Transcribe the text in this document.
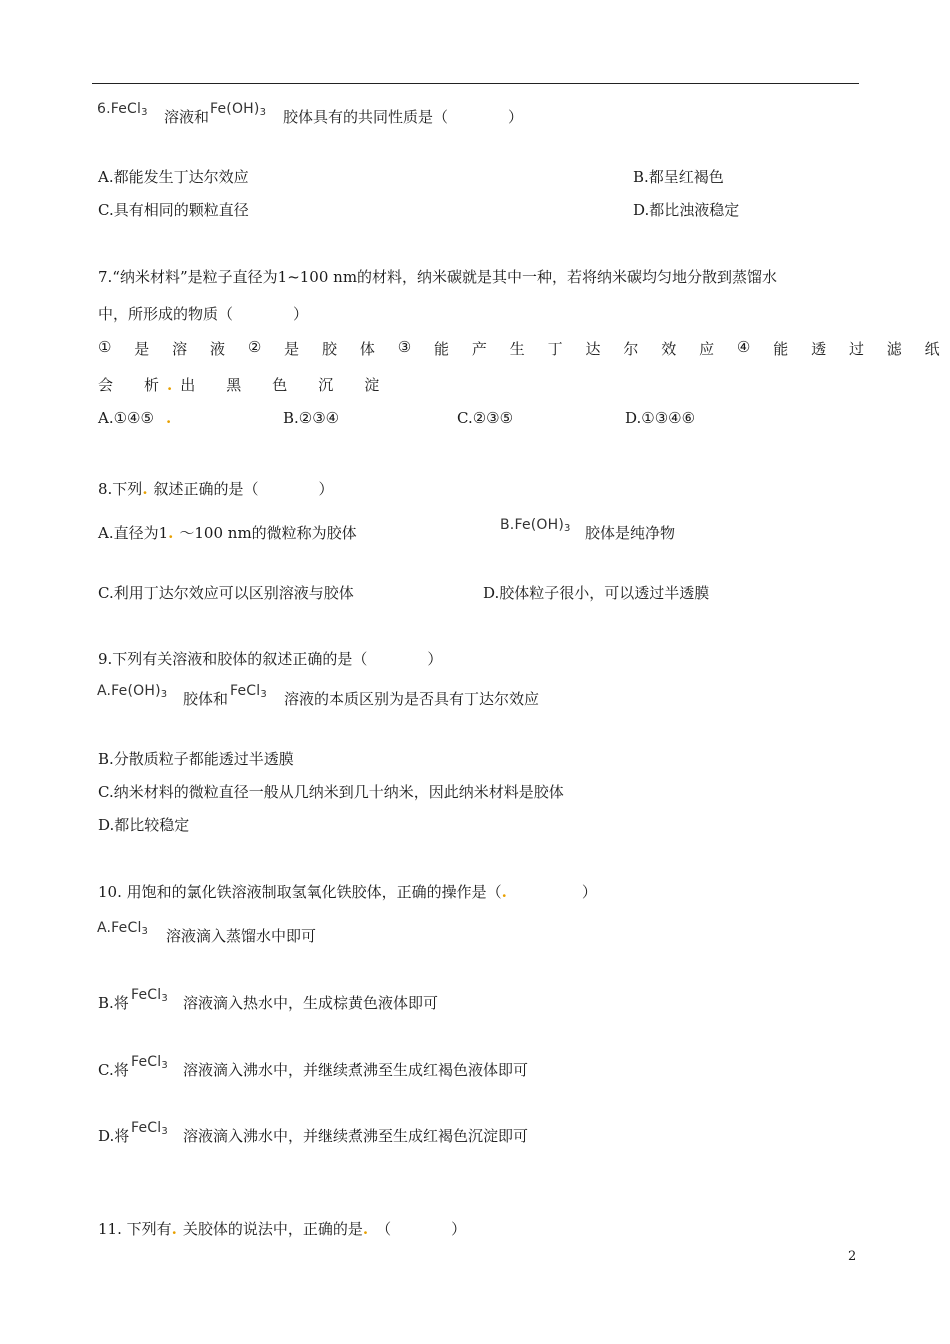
6.FeCl$_3$ 溶液和 $Fe(OH)_3$ 胶体具有的共同性质是（　　　　）
A.都能发生丁达尔效应	B.都呈红褐色
C.具有相同的颗粒直径	D.都比浊液稳定
7.“纳米材料”是粒子直径为1~100 nm的材料，纳米碳就是其中一种，若将纳米碳均匀地分散到蒸馏水
中，所形成的物质（　　　　）
① 是 溶 液 ② 是 胶 体 ③ 能 产 生 丁 达 尔 效 应 ④ 能 透 过 滤 纸
会　析.出　黑　色　沉　淀
A.①④⑤ .	B.②③④	C.②③⑤	D.①③④⑥
8.下列. 叙述正确的是（　　　　）
A.直径为1. ～100 nm的微粒称为胶体	$B.Fe(OH)_3$ 胶体是纯净物
C.利用丁达尔效应可以区别溶液与胶体	D.胶体粒子很小，可以透过半透膜
9.下列有关溶液和胶体的叙述正确的是（　　　　）
$A.Fe(OH)_3$ 胶体和 FeCl$_3$ 溶液的本质区别为是否具有丁达尔效应
B.分散质粒子都能透过半透膜
C.纳米材料的微粒直径一般从几纳米到几十纳米，因此纳米材料是胶体
D.都比较稳定
10. 用饱和的氯化铁溶液制取氢氧化铁胶体，正确的操作是（.　　　　　）
A.FeCl$_3$ 溶液滴入蒸馏水中即可
B.将 FeCl$_3$ 溶液滴入热水中，生成棕黄色液体即可
C.将 FeCl$_3$ 溶液滴入沸水中，并继续煮沸至生成红褐色液体即可
D.将 FeCl$_3$ 溶液滴入沸水中，并继续煮沸至生成红褐色沉淀即可
11. 下列有. 关胶体的说法中，正确的是. （　　　　）
2
